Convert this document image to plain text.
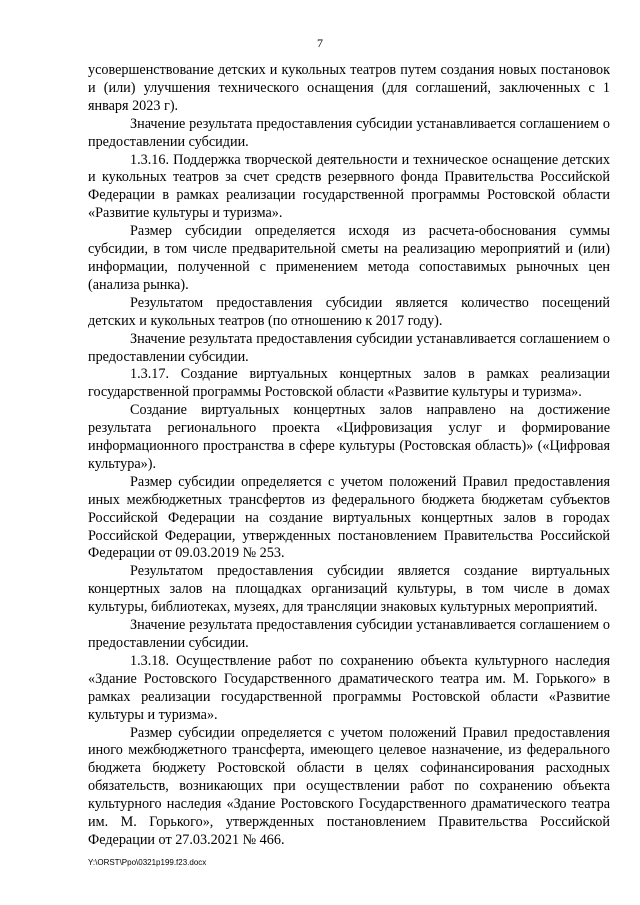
7

усовершенствование детских и кукольных театров путем создания новых постановок и (или) улучшения технического оснащения (для соглашений, заключенных с 1 января 2023 г).

Значение результата предоставления субсидии устанавливается соглашением о предоставлении субсидии.

1.3.16. Поддержка творческой деятельности и техническое оснащение детских и кукольных театров за счет средств резервного фонда Правительства Российской Федерации в рамках реализации государственной программы Ростовской области «Развитие культуры и туризма».

Размер субсидии определяется исходя из расчета-обоснования суммы субсидии, в том числе предварительной сметы на реализацию мероприятий и (или) информации, полученной с применением метода сопоставимых рыночных цен (анализа рынка).

Результатом предоставления субсидии является количество посещений детских и кукольных театров (по отношению к 2017 году).

Значение результата предоставления субсидии устанавливается соглашением о предоставлении субсидии.

1.3.17. Создание виртуальных концертных залов в рамках реализации государственной программы Ростовской области «Развитие культуры и туризма».

Создание виртуальных концертных залов направлено на достижение результата регионального проекта «Цифровизация услуг и формирование информационного пространства в сфере культуры (Ростовская область)» («Цифровая культура»).

Размер субсидии определяется с учетом положений Правил предоставления иных межбюджетных трансфертов из федерального бюджета бюджетам субъектов Российской Федерации на создание виртуальных концертных залов в городах Российской Федерации, утвержденных постановлением Правительства Российской Федерации от 09.03.2019 № 253.

Результатом предоставления субсидии является создание виртуальных концертных залов на площадках организаций культуры, в том числе в домах культуры, библиотеках, музеях, для трансляции знаковых культурных мероприятий.

Значение результата предоставления субсидии устанавливается соглашением о предоставлении субсидии.

1.3.18. Осуществление работ по сохранению объекта культурного наследия «Здание Ростовского Государственного драматического театра им. М. Горького» в рамках реализации государственной программы Ростовской области «Развитие культуры и туризма».

Размер субсидии определяется с учетом положений Правил предоставления иного межбюджетного трансферта, имеющего целевое назначение, из федерального бюджета бюджету Ростовской области в целях софинансирования расходных обязательств, возникающих при осуществлении работ по сохранению объекта культурного наследия «Здание Ростовского Государственного драматического театра им. М. Горького», утвержденных постановлением Правительства Российской Федерации от 27.03.2021 № 466.

Y:\ORST\Ppo\0321p199.f23.docx
